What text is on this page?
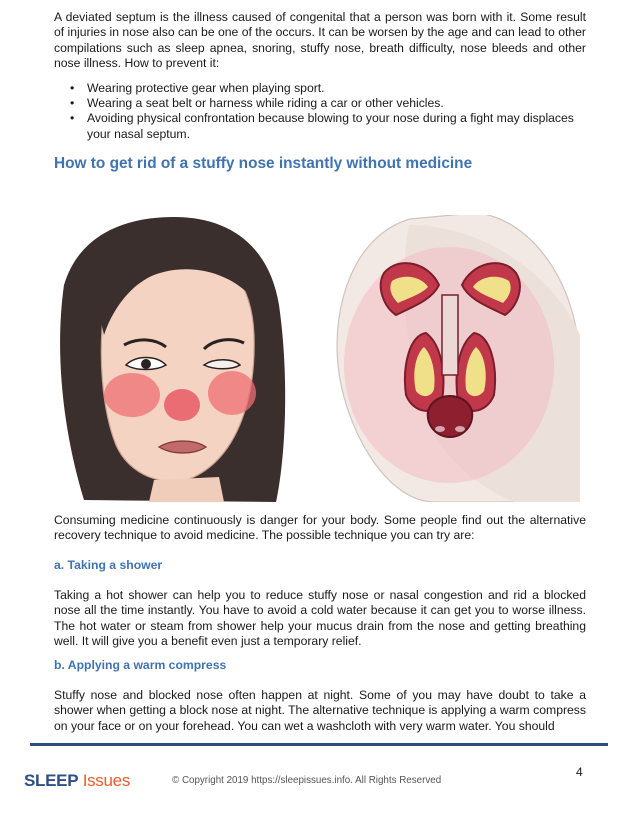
A deviated septum is the illness caused of congenital that a person was born with it. Some result of injuries in nose also can be one of the occurs. It can be worsen by the age and can lead to other compilations such as sleep apnea, snoring, stuffy nose, breath difficulty, nose bleeds and other nose illness. How to prevent it:

• Wearing protective gear when playing sport.
• Wearing a seat belt or harness while riding a car or other vehicles.
• Avoiding physical confrontation because blowing to your nose during a fight may displaces your nasal septum.
How to get rid of a stuffy nose instantly without medicine

Consuming medicine continuously is danger for your body. Some people find out the alternative recovery technique to avoid medicine. The possible technique you can try are:

a. Taking a shower

Taking a hot shower can help you to reduce stuffy nose or nasal congestion and rid a blocked nose all the time instantly. You have to avoid a cold water because it can get you to worse illness. The hot water or steam from shower help your mucus drain from the nose and getting breathing well. It will give you a benefit even just a temporary relief.

b. Applying a warm compress

Stuffy nose and blocked nose often happen at night. Some of you may have doubt to take a shower when getting a block nose at night. The alternative technique is applying a warm compress on your face or on your forehead. You can wet a washcloth with very warm water. You should

4
SLEEP Issues	© Copyright 2019 https://sleepissues.info. All Rights Reserved
